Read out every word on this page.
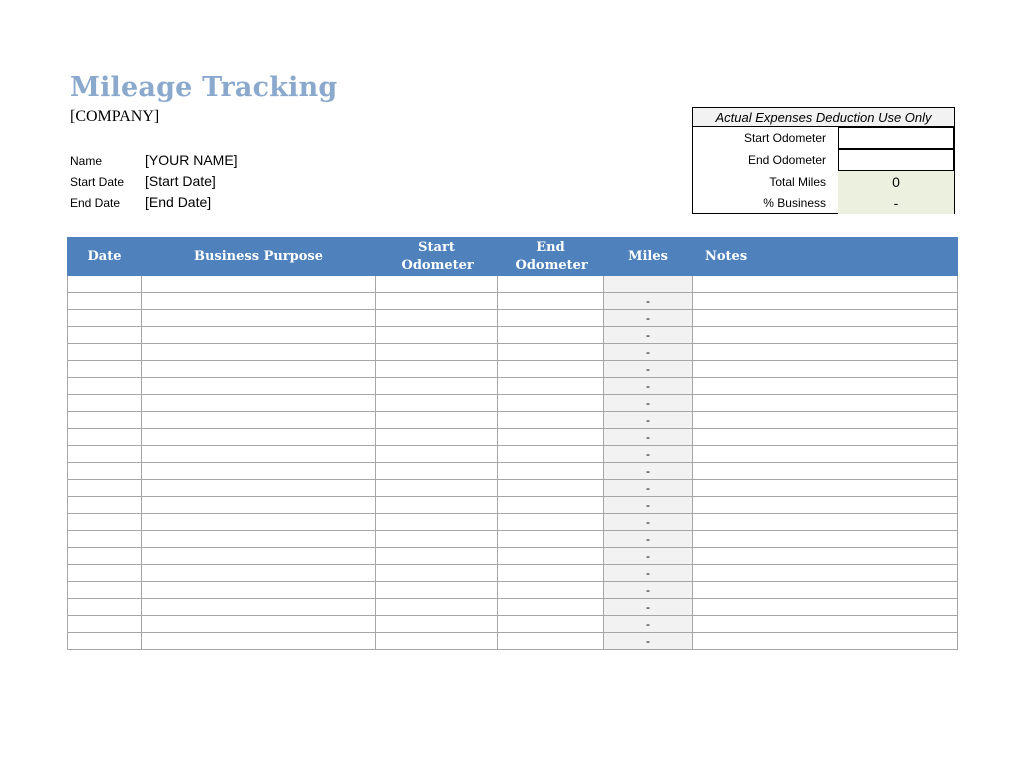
Mileage Tracking
[COMPANY]
Name	[YOUR NAME]
Start Date [Start Date]
End Date [End Date]
Actual Expenses Deduction Use Only
Start Odometer
End Odometer
Total Miles	0
% Business	-
Date	Business Purpose	Start Odometer	End Odometer	Miles	Notes

				-	
				-	
				-	
				-	
				-	
				-	
				-	
				-	
				-	
				-	
				-	
				-	
				-	
				-	
				-	
				-	
				-	
				-	
				-	
				-	
				-	
